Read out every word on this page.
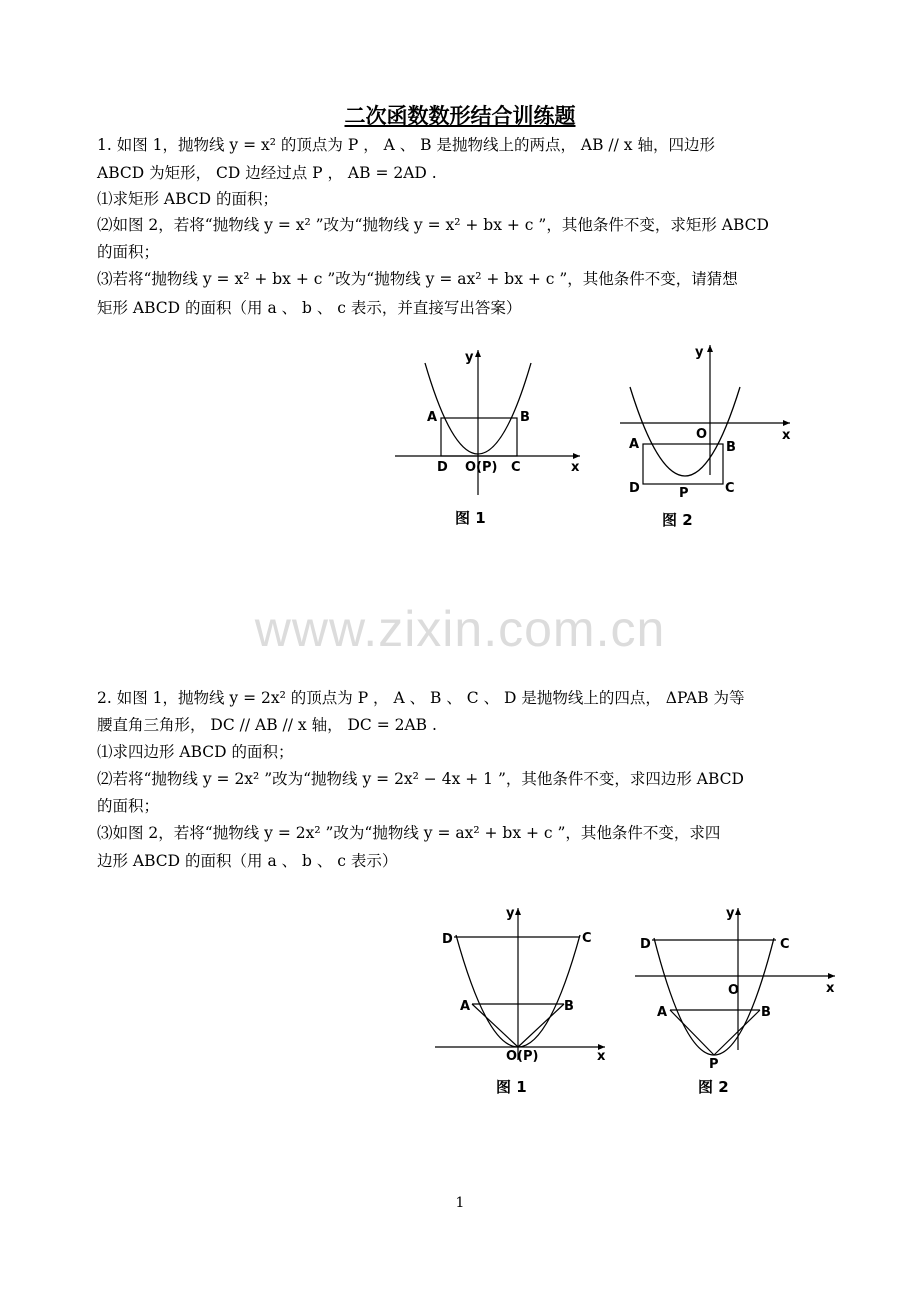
二次函数数形结合训练题
1. 如图 1，抛物线 y = x² 的顶点为 P ， A 、 B 是抛物线上的两点， AB // x 轴，四边形
ABCD 为矩形， CD 边经过点 P ， AB = 2AD .
⑴求矩形 ABCD 的面积；
⑵如图 2，若将“抛物线 y = x² ”改为“抛物线 y = x² + bx + c ”，其他条件不变，求矩形 ABCD
的面积；
⑶若将“抛物线 y = x² + bx + c ”改为“抛物线 y = ax² + bx + c ”，其他条件不变，请猜想
矩形 ABCD 的面积（用 a 、 b 、 c 表示，并直接写出答案）
y
x
A	B
D	C
O(P)
图 1
y
x
A	B
D	C
O
P
图 2
www.zixin.com.cn
2. 如图 1，抛物线 y = 2x² 的顶点为 P ， A 、 B 、 C 、 D 是抛物线上的四点， ΔPAB 为等
腰直角三角形， DC // AB // x 轴， DC = 2AB .
⑴求四边形 ABCD 的面积；
⑵若将“抛物线 y = 2x² ”改为“抛物线 y = 2x² − 4x + 1 ”，其他条件不变，求四边形 ABCD
的面积；
⑶如图 2，若将“抛物线 y = 2x² ”改为“抛物线 y = ax² + bx + c ”，其他条件不变，求四
边形 ABCD 的面积（用 a 、 b 、 c 表示）
y
x
D	C
A	B
O(P)
图 1
y
x
D	C
A	B
O
P
图 2
1
